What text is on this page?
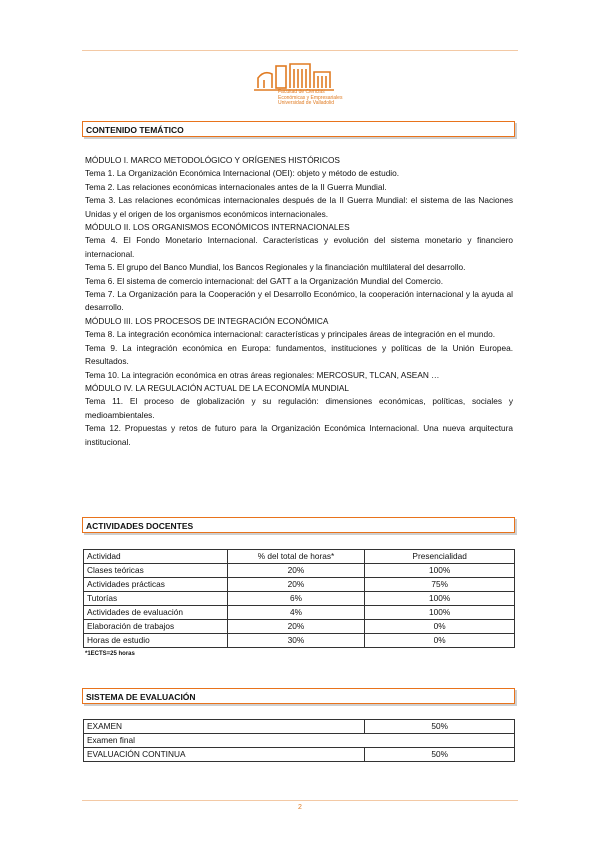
Facultad de Ciencias
Económicas y Empresariales
Universidad de Valladolid
CONTENIDO TEMÁTICO

MÓDULO I. MARCO METODOLÓGICO Y ORÍGENES HISTÓRICOS

Tema 1. La Organización Económica Internacional (OEI): objeto y método de estudio.

Tema 2. Las relaciones económicas internacionales antes de la II Guerra Mundial.

Tema 3. Las relaciones económicas internacionales después de la II Guerra Mundial: el sistema de las Naciones Unidas y el origen de los organismos económicos internacionales.

MÓDULO II. LOS ORGANISMOS ECONÓMICOS INTERNACIONALES

Tema 4. El Fondo Monetario Internacional. Características y evolución del sistema monetario y financiero internacional.

Tema 5. El grupo del Banco Mundial, los Bancos Regionales y la financiación multilateral del desarrollo.

Tema 6. El sistema de comercio internacional: del GATT a la Organización Mundial del Comercio.

Tema 7. La Organización para la Cooperación y el Desarrollo Económico, la cooperación internacional y la ayuda al desarrollo.

MÓDULO III. LOS PROCESOS DE INTEGRACIÓN ECONÓMICA

Tema 8. La integración económica internacional: características y principales áreas de integración en el mundo.

Tema 9. La integración económica en Europa: fundamentos, instituciones y políticas de la Unión Europea. Resultados.

Tema 10. La integración económica en otras áreas regionales: MERCOSUR, TLCAN, ASEAN …

MÓDULO IV. LA REGULACIÓN ACTUAL DE LA ECONOMÍA MUNDIAL

Tema 11. El proceso de globalización y su regulación: dimensiones económicas, políticas, sociales y medioambientales.

Tema 12. Propuestas y retos de futuro para la Organización Económica Internacional. Una nueva arquitectura institucional.

ACTIVIDADES DOCENTES
Actividad	% del total de horas*	Presencialidad
Clases teóricas	20%	100%
Actividades prácticas	20%	75%
Tutorías	6%	100%
Actividades de evaluación	4%	100%
Elaboración de trabajos	20%	0%
Horas de estudio	30%	0%
*1ECTS=25 horas
SISTEMA DE EVALUACIÓN
EXAMEN	50%
Examen final	
EVALUACIÓN CONTINUA	50%
2
